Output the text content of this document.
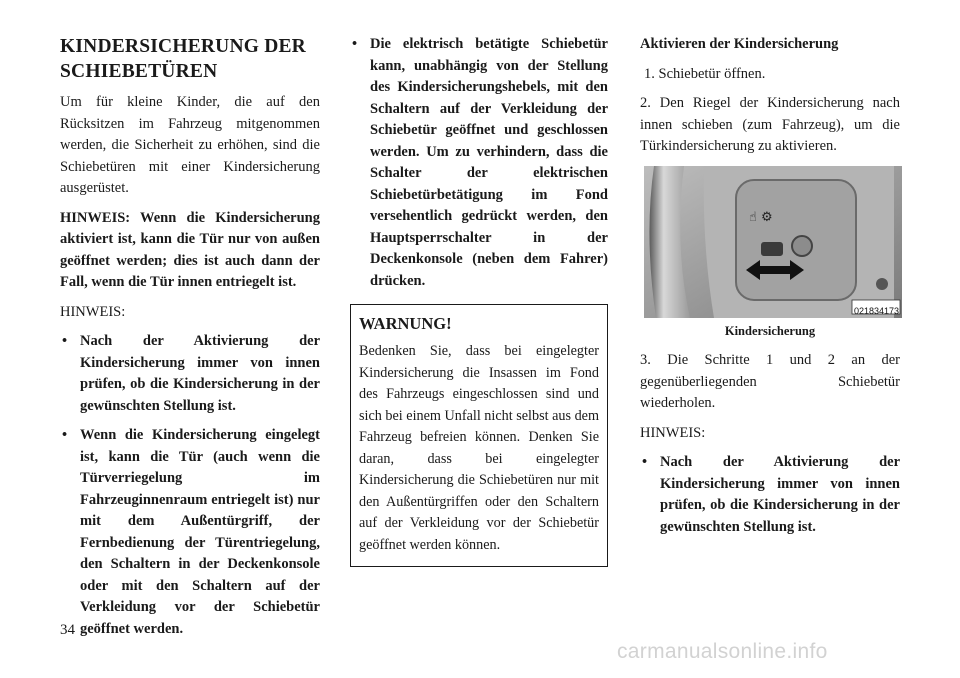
KINDERSICHERUNG DER
SCHIEBETÜREN

Um für kleine Kinder, die auf den Rücksitzen im Fahrzeug mitgenommen werden, die Sicherheit zu erhöhen, sind die Schiebetüren mit einer Kindersicherung ausgerüstet.

HINWEIS: Wenn die Kindersicherung aktiviert ist, kann die Tür nur von außen geöffnet werden; dies ist auch dann der Fall, wenn die Tür innen entriegelt ist.

HINWEIS:

• Nach der Aktivierung der Kindersicherung immer von innen prüfen, ob die Kindersicherung in der gewünschten Stellung ist.
• Wenn die Kindersicherung eingelegt ist, kann die Tür (auch wenn die Türverriegelung im Fahrzeuginnenraum entriegelt ist) nur mit dem Außentürgriff, der Fernbedienung der Türentriegelung, den Schaltern in der Deckenkonsole oder mit den Schaltern auf der Verkleidung vor der Schiebetür geöffnet werden.
• Die elektrisch betätigte Schiebetür kann, unabhängig von der Stellung des Kindersicherungshebels, mit den Schaltern auf der Verkleidung der Schiebetür geöffnet und geschlossen werden. Um zu verhindern, dass die Schalter der elektrischen Schiebetürbetätigung im Fond versehentlich gedrückt werden, den Hauptsperrschalter in der Deckenkonsole (neben dem Fahrer) drücken.
WARNUNG!

Bedenken Sie, dass bei eingelegter Kindersicherung die Insassen im Fond des Fahrzeugs eingeschlossen sind und sich bei einem Unfall nicht selbst aus dem Fahrzeug befreien können. Denken Sie daran, dass bei eingelegter Kindersicherung die Schiebetüren nur mit den Außentürgriffen oder den Schaltern auf der Verkleidung vor der Schiebetür geöffnet werden können.

Aktivieren der Kindersicherung

1. Schiebetür öffnen.

2. Den Riegel der Kindersicherung nach innen schieben (zum Fahrzeug), um die Türkindersicherung zu aktivieren.

☝ ⚙
021834173
Kindersicherung

3. Die Schritte 1 und 2 an der gegenüberliegenden Schiebetür wiederholen.

HINWEIS:

• Nach der Aktivierung der Kindersicherung immer von innen prüfen, ob die Kindersicherung in der gewünschten Stellung ist.
34
carmanualsonline.info
